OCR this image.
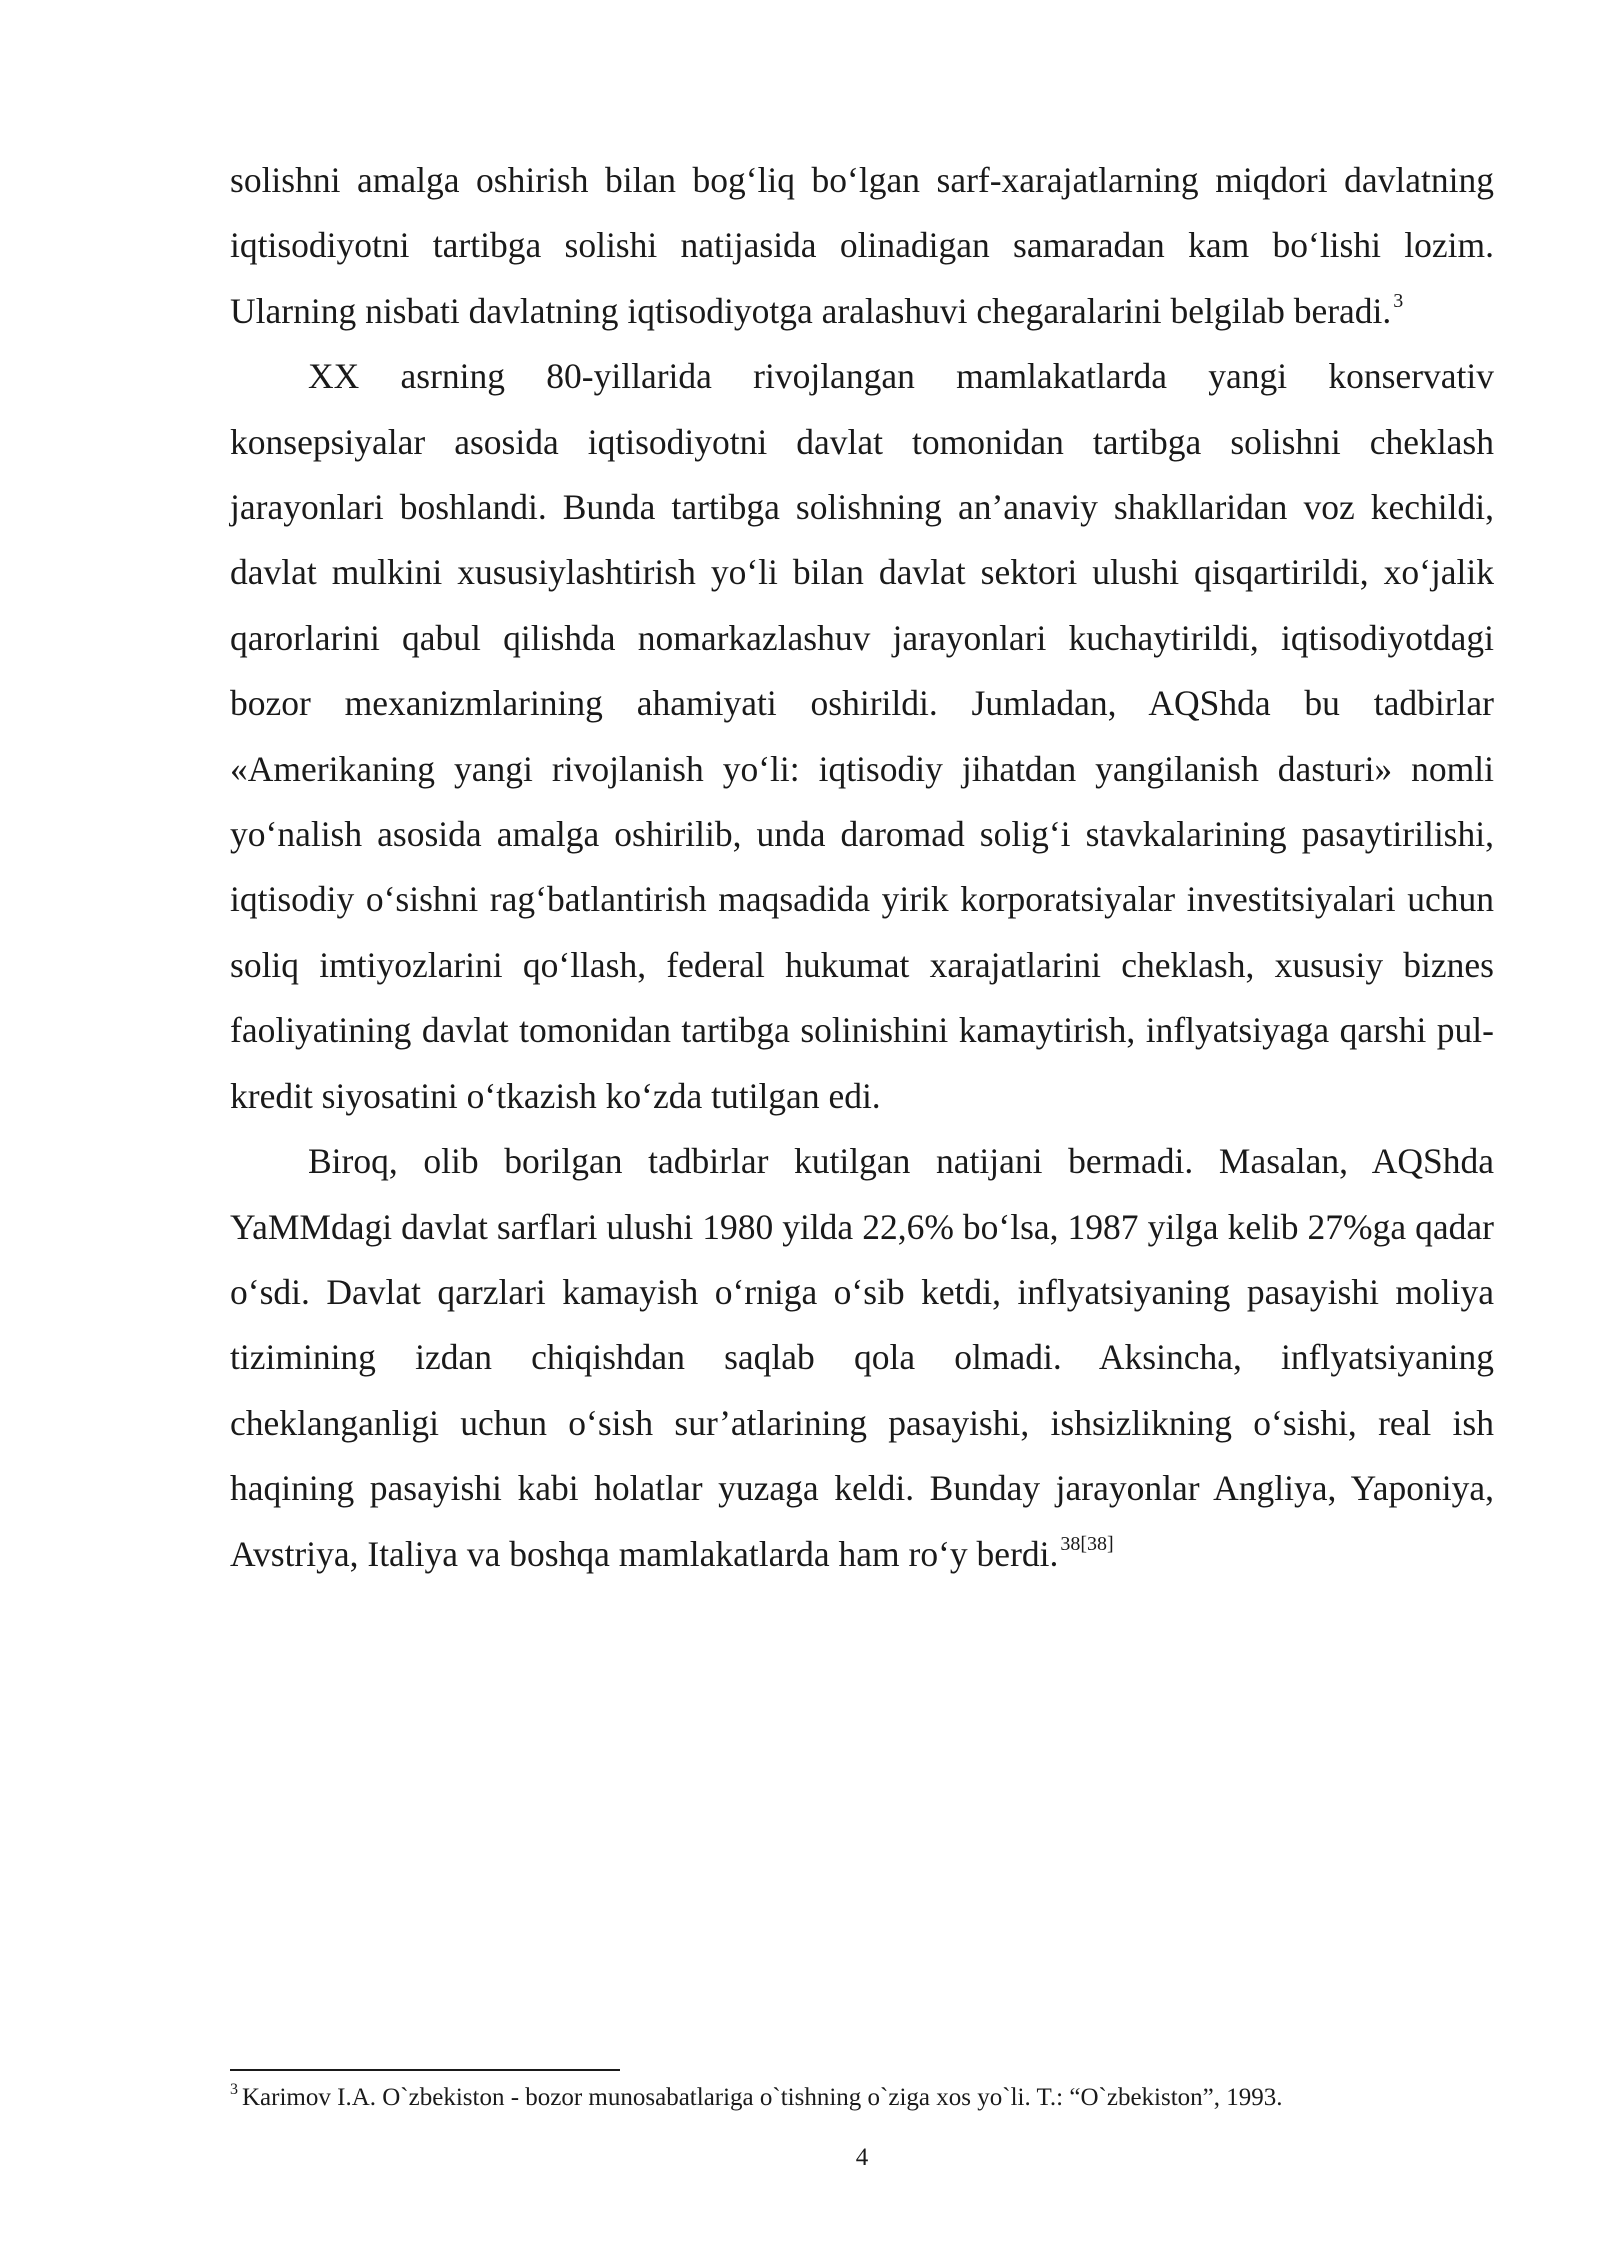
solishni amalga oshirish bilan bog‘liq bo‘lgan sarf-xarajatlarning miqdori davlatning iqtisodiyotni tartibga solishi natijasida olinadigan samaradan kam bo‘lishi lozim. Ularning nisbati davlatning iqtisodiyotga aralashuvi chegaralarini belgilab beradi. $^3$

XX asrning 80-yillarida rivojlangan mamlakatlarda yangi konservativ konsepsiyalar asosida iqtisodiyotni davlat tomonidan tartibga solishni cheklash jarayonlari boshlandi. Bunda tartibga solishning an’anaviy shakllaridan voz kechildi, davlat mulkini xususiylashtirish yo‘li bilan davlat sektori ulushi qisqartirildi, xo‘jalik qarorlarini qabul qilishda nomarkazlashuv jarayonlari kuchaytirildi, iqtisodiyotdagi bozor mexanizmlarining ahamiyati oshirildi. Jumladan, AQShda bu tadbirlar «Amerikaning yangi rivojlanish yo‘li: iqtisodiy jihatdan yangilanish dasturi» nomli yo‘nalish asosida amalga oshirilib, unda daromad solig‘i stavkalarining pasaytirilishi, iqtisodiy o‘sishni rag‘batlantirish maqsadida yirik korporatsiyalar investitsiyalari uchun soliq imtiyozlarini qo‘llash, federal hukumat xarajatlarini cheklash, xususiy biznes faoliyatining davlat tomonidan tartibga solinishini kamaytirish, inflyatsiyaga qarshi pul-kredit siyosatini o‘tkazish ko‘zda tutilgan edi.

Biroq, olib borilgan tadbirlar kutilgan natijani bermadi. Masalan, AQShda YaMMdagi davlat sarflari ulushi 1980 yilda 22,6% bo‘lsa, 1987 yilga kelib 27%ga qadar o‘sdi. Davlat qarzlari kamayish o‘rniga o‘sib ketdi, inflyatsiyaning pasayishi moliya tizimining izdan chiqishdan saqlab qola olmadi. Aksincha, inflyatsiyaning cheklanganligi uchun o‘sish sur’atlarining pasayishi, ishsizlikning o‘sishi, real ish haqining pasayishi kabi holatlar yuzaga keldi. Bunday jarayonlar Angliya, Yaponiya, Avstriya, Italiya va boshqa mamlakatlarda ham ro‘y berdi. $^{38[38]}$

$^3$ Karimov I.A. O`zbekiston - bozor munosabatlariga o`tishning o`ziga xos yo`li. T.: “O`zbekiston”, 1993.

4
